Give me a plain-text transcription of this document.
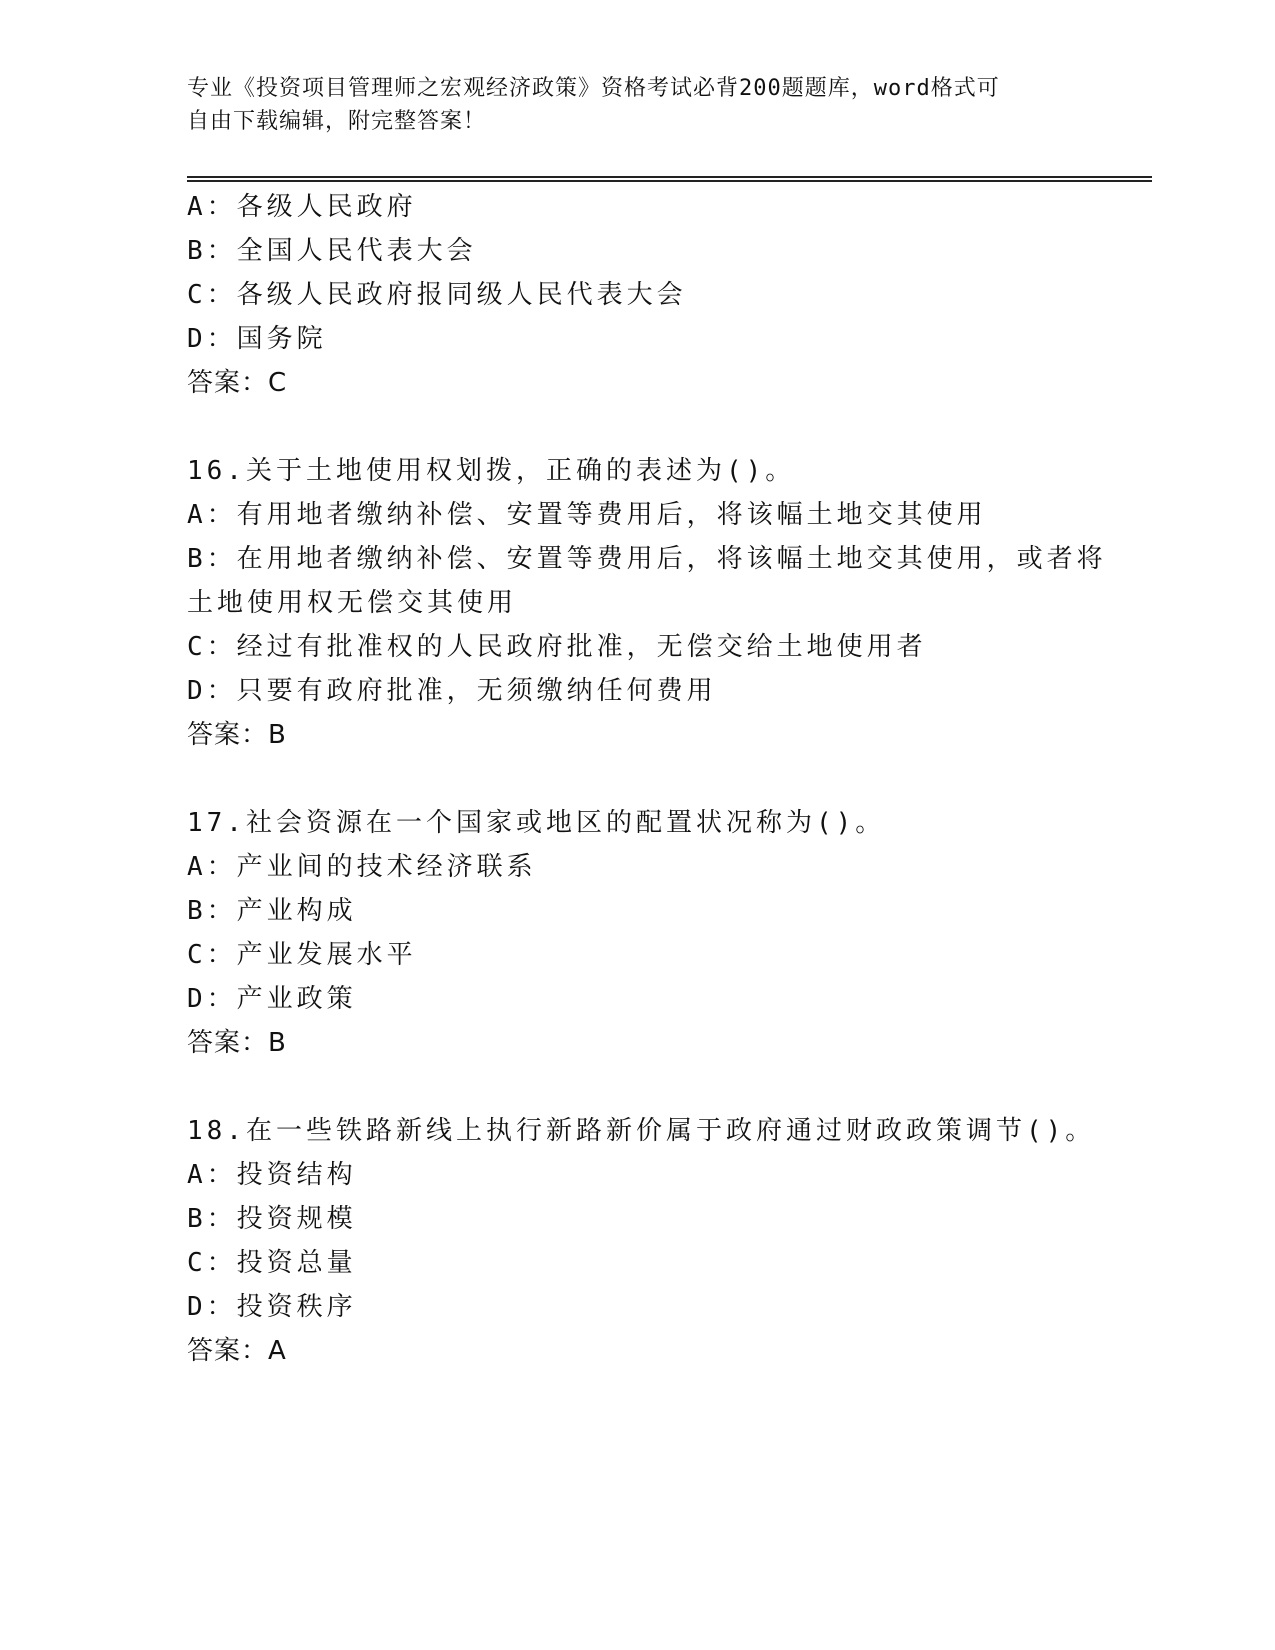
专业《投资项目管理师之宏观经济政策》资格考试必背200题题库，word格式可
自由下载编辑，附完整答案！
A：各级人民政府
B：全国人民代表大会
C：各级人民政府报同级人民代表大会
D：国务院
答案：C
16.关于土地使用权划拨，正确的表述为()。
A：有用地者缴纳补偿、安置等费用后，将该幅土地交其使用
B：在用地者缴纳补偿、安置等费用后，将该幅土地交其使用，或者将
土地使用权无偿交其使用
C：经过有批准权的人民政府批准，无偿交给土地使用者
D：只要有政府批准，无须缴纳任何费用
答案：B
17.社会资源在一个国家或地区的配置状况称为()。
A：产业间的技术经济联系
B：产业构成
C：产业发展水平
D：产业政策
答案：B
18.在一些铁路新线上执行新路新价属于政府通过财政政策调节()。
A：投资结构
B：投资规模
C：投资总量
D：投资秩序
答案：A
